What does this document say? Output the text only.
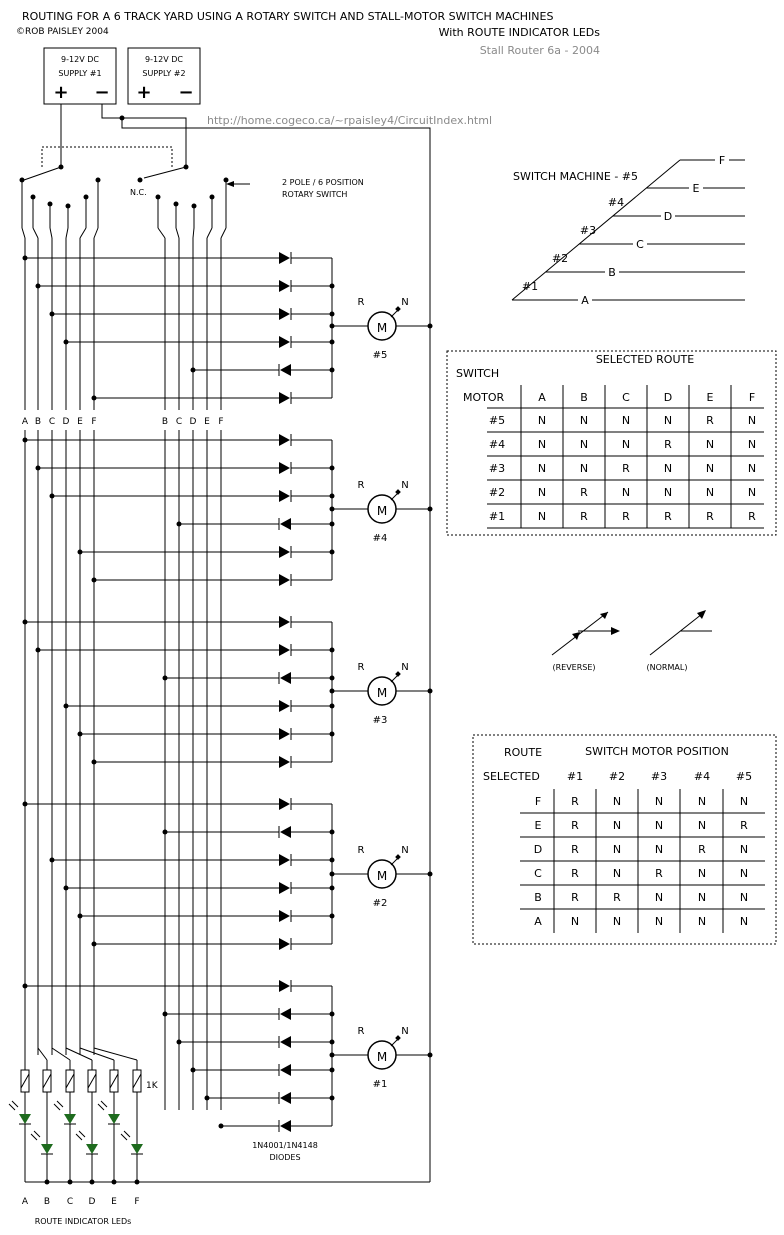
ROUTING FOR A 6 TRACK YARD USING A ROTARY SWITCH AND STALL-MOTOR SWITCH MACHINES
©ROB PAISLEY 2004	With ROUTE INDICATOR LEDs
Stall Router 6a - 2004
http://home.cogeco.ca/~rpaisley4/CircuitIndex.html
9-12V DC
SUPPLY #1
+ −
9-12V DC
SUPPLY #2
+ −
N.C.
2 POLE / 6 POSITION
ROTARY SWITCH
A B C D E F	B C D E F
M
R	N
#5
M
R	N
#4
M
R	N
#3
M
R	N
#2
M
R	N
#1
1N4001/1N4148
DIODES
A B C D E F
1K
ROUTE INDICATOR LEDs
SWITCH MACHINE - #5
A
B
C
D
E
F
#1
#2
#3
#4
SELECTED ROUTE
SWITCH
MOTOR	A	B	C	D	E	F
#5	N	N	N	N	R	N
#4	N	N	N	R	N	N
#3	N	N	R	N	N	N
#2	N	R	N	N	N	N
#1	N	R	R	R	R	R
(REVERSE)	(NORMAL)
SWITCH MOTOR POSITION
ROUTE
SELECTED #1 #2 #3 #4 #5
F	R	N	N	N	N
E	R	N	N	N	R
D	R	N	N	R	N
C	R	N	R	N	N
B	R	R	N	N	N
A	N	N	N	N	N
